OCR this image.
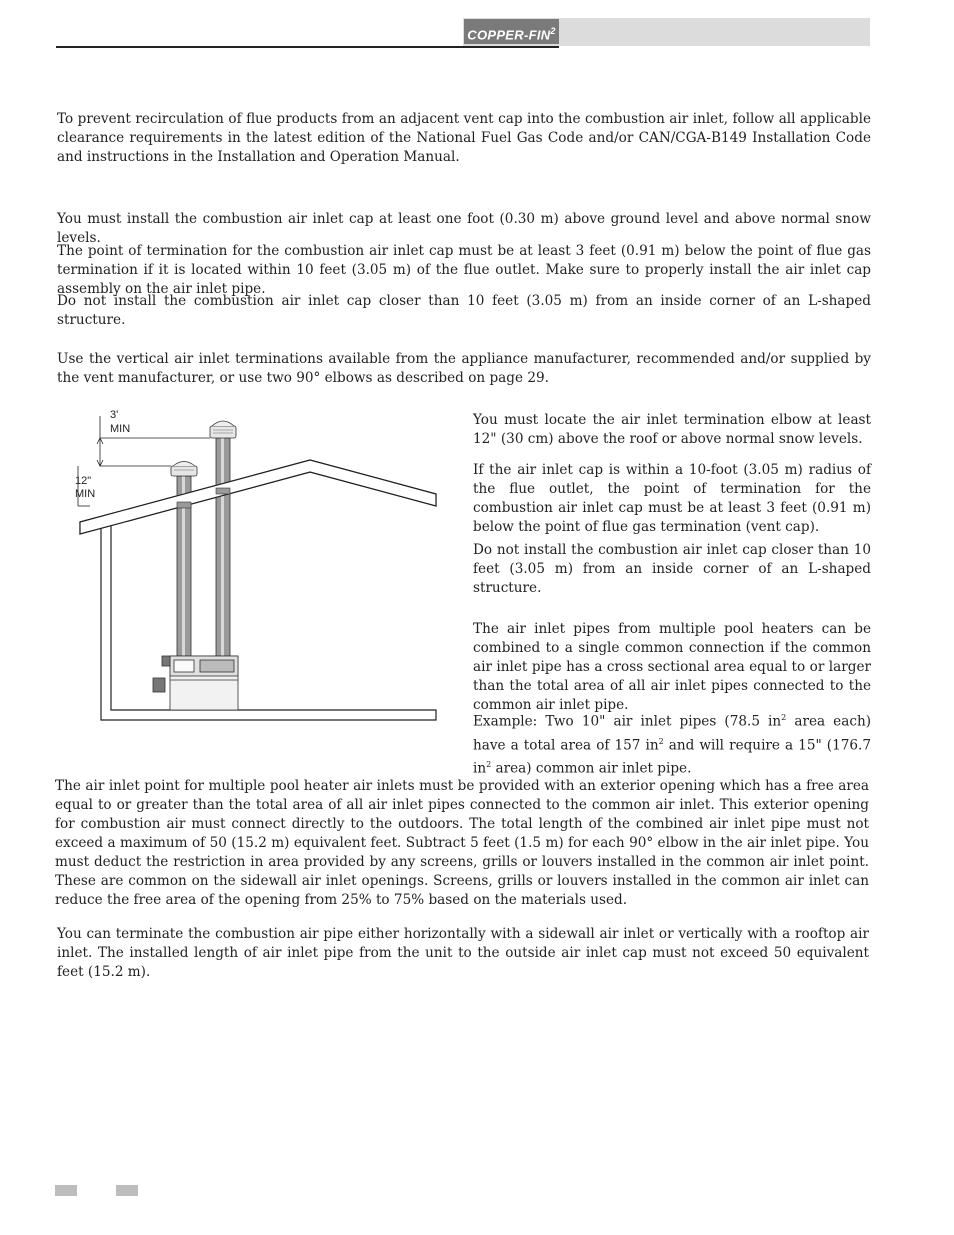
COPPER-FIN$^2$

To prevent recirculation of flue products from an adjacent vent cap into the combustion air inlet, follow all applicable clearance requirements in the latest edition of the National Fuel Gas Code and/or CAN/CGA-B149 Installation Code and instructions in the Installation and Operation Manual.

You must install the combustion air inlet cap at least one foot (0.30 m) above ground level and above normal snow levels.

The point of termination for the combustion air inlet cap must be at least 3 feet (0.91 m) below the point of flue gas termination if it is located within 10 feet (3.05 m) of the flue outlet. Make sure to properly install the air inlet cap assembly on the air inlet pipe.

Do not install the combustion air inlet cap closer than 10 feet (3.05 m) from an inside corner of an L-shaped structure.

Use the vertical air inlet terminations available from the appliance manufacturer, recommended and/or supplied by the vent manufacturer, or use two 90° elbows as described on page 29.

3'
MIN
12"
MIN

You must locate the air inlet termination elbow at least 12" (30 cm) above the roof or above normal snow levels.

If the air inlet cap is within a 10-foot (3.05 m) radius of the flue outlet, the point of termination for the combustion air inlet cap must be at least 3 feet (0.91 m) below the point of flue gas termination (vent cap).

Do not install the combustion air inlet cap closer than 10 feet (3.05 m) from an inside corner of an L-shaped structure.

The air inlet pipes from multiple pool heaters can be combined to a single common connection if the common air inlet pipe has a cross sectional area equal to or larger than the total area of all air inlet pipes connected to the common air inlet pipe.

Example: Two 10" air inlet pipes (78.5 $in^2$ area each) have a total area of 157 $in^2$ and will require a 15" (176.7 $in^2$ area) common air inlet pipe.

The air inlet point for multiple pool heater air inlets must be provided with an exterior opening which has a free area equal to or greater than the total area of all air inlet pipes connected to the common air inlet. This exterior opening for combustion air must connect directly to the outdoors. The total length of the combined air inlet pipe must not exceed a maximum of 50 (15.2 m) equivalent feet. Subtract 5 feet (1.5 m) for each 90° elbow in the air inlet pipe. You must deduct the restriction in area provided by any screens, grills or louvers installed in the common air inlet point. These are common on the sidewall air inlet openings. Screens, grills or louvers installed in the common air inlet can reduce the free area of the opening from 25% to 75% based on the materials used.

You can terminate the combustion air pipe either horizontally with a sidewall air inlet or vertically with a rooftop air inlet. The installed length of air inlet pipe from the unit to the outside air inlet cap must not exceed 50 equivalent feet (15.2 m).
